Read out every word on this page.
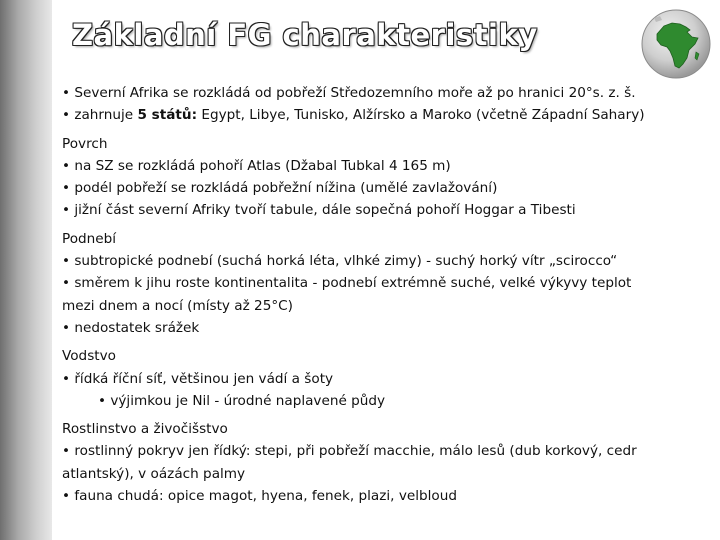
Základní FG charakteristiky
• Severní Afrika se rozkládá od pobřeží Středozemního moře až po hranici 20°s. z. š.
• zahrnuje 5 států: Egypt, Libye, Tunisko, Alžírsko a Maroko (včetně Západní Sahary)
Povrch
• na SZ se rozkládá pohoří Atlas (Džabal Tubkal 4 165 m)
• podél pobřeží se rozkládá pobřežní nížina (umělé zavlažování)
• jižní část severní Afriky tvoří tabule, dále sopečná pohoří Hoggar a Tibesti
Podnebí
• subtropické podnebí (suchá horká léta, vlhké zimy) - suchý horký vítr „scirocco“
• směrem k jihu roste kontinentalita - podnebí extrémně suché, velké výkyvy teplot
mezi dnem a nocí (místy až 25°C)
• nedostatek srážek
Vodstvo
• řídká říční síť, většinou jen vádí a šoty
• výjimkou je Nil - úrodné naplavené půdy
Rostlinstvo a živočišstvo
• rostlinný pokryv jen řídký: stepi, při pobřeží macchie, málo lesů (dub korkový, cedr
atlantský), v oázách palmy
• fauna chudá: opice magot, hyena, fenek, plazi, velbloud
